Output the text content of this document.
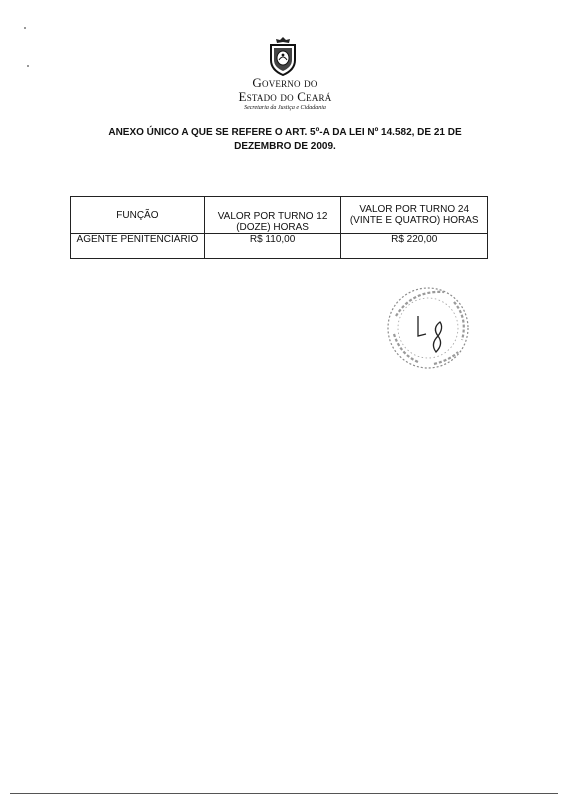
Governo do
Estado do Ceará
Secretaria da Justiça e Cidadania
ANEXO ÚNICO A QUE SE REFERE O ART. 5º-A DA LEI Nº 14.582, DE 21 DE DEZEMBRO DE 2009.
FUNÇÃO	VALOR POR TURNO 12 (DOZE) HORAS	VALOR POR TURNO 24 (VINTE E QUATRO) HORAS
AGENTE PENITENCIÁRIO	R$ 110,00	R$ 220,00
